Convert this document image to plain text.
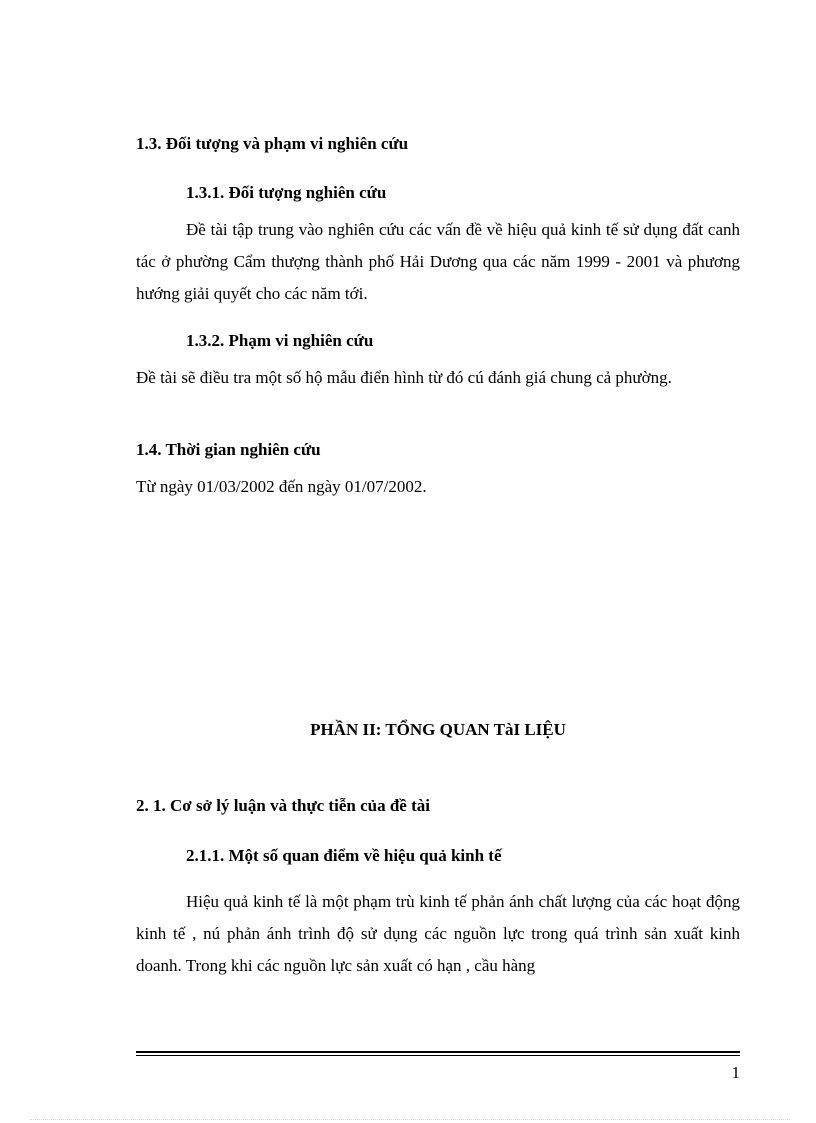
1.3. Đối tượng và phạm vi nghiên cứu
1.3.1. Đối tượng nghiên cứu
Đề tài tập trung vào nghiên cứu các vấn đề về hiệu quả kinh tế sử dụng đất canh tác ở phường Cẩm thượng thành phố Hải Dương qua các năm 1999 - 2001 và phương hướng giải quyết cho các năm tới.
1.3.2. Phạm vi nghiên cứu
Đề tài sẽ điều tra một số hộ mẫu điển hình từ đó cú đánh giá chung cả phường.
1.4. Thời gian nghiên cứu
Từ ngày 01/03/2002 đến ngày 01/07/2002.
PHẦN II: TỔNG QUAN TàI LIỆU
2. 1. Cơ sở lý luận và thực tiễn của đề tài
2.1.1. Một số quan điểm về hiệu quả kinh tế
Hiệu quả kinh tế là một phạm trù kinh tế phản ánh chất lượng của các hoạt động kinh tế , nú phản ánh trình độ sử dụng các nguồn lực trong quá trình sản xuất kinh doanh. Trong khi các nguồn lực sản xuất có hạn , cầu hàng
1
